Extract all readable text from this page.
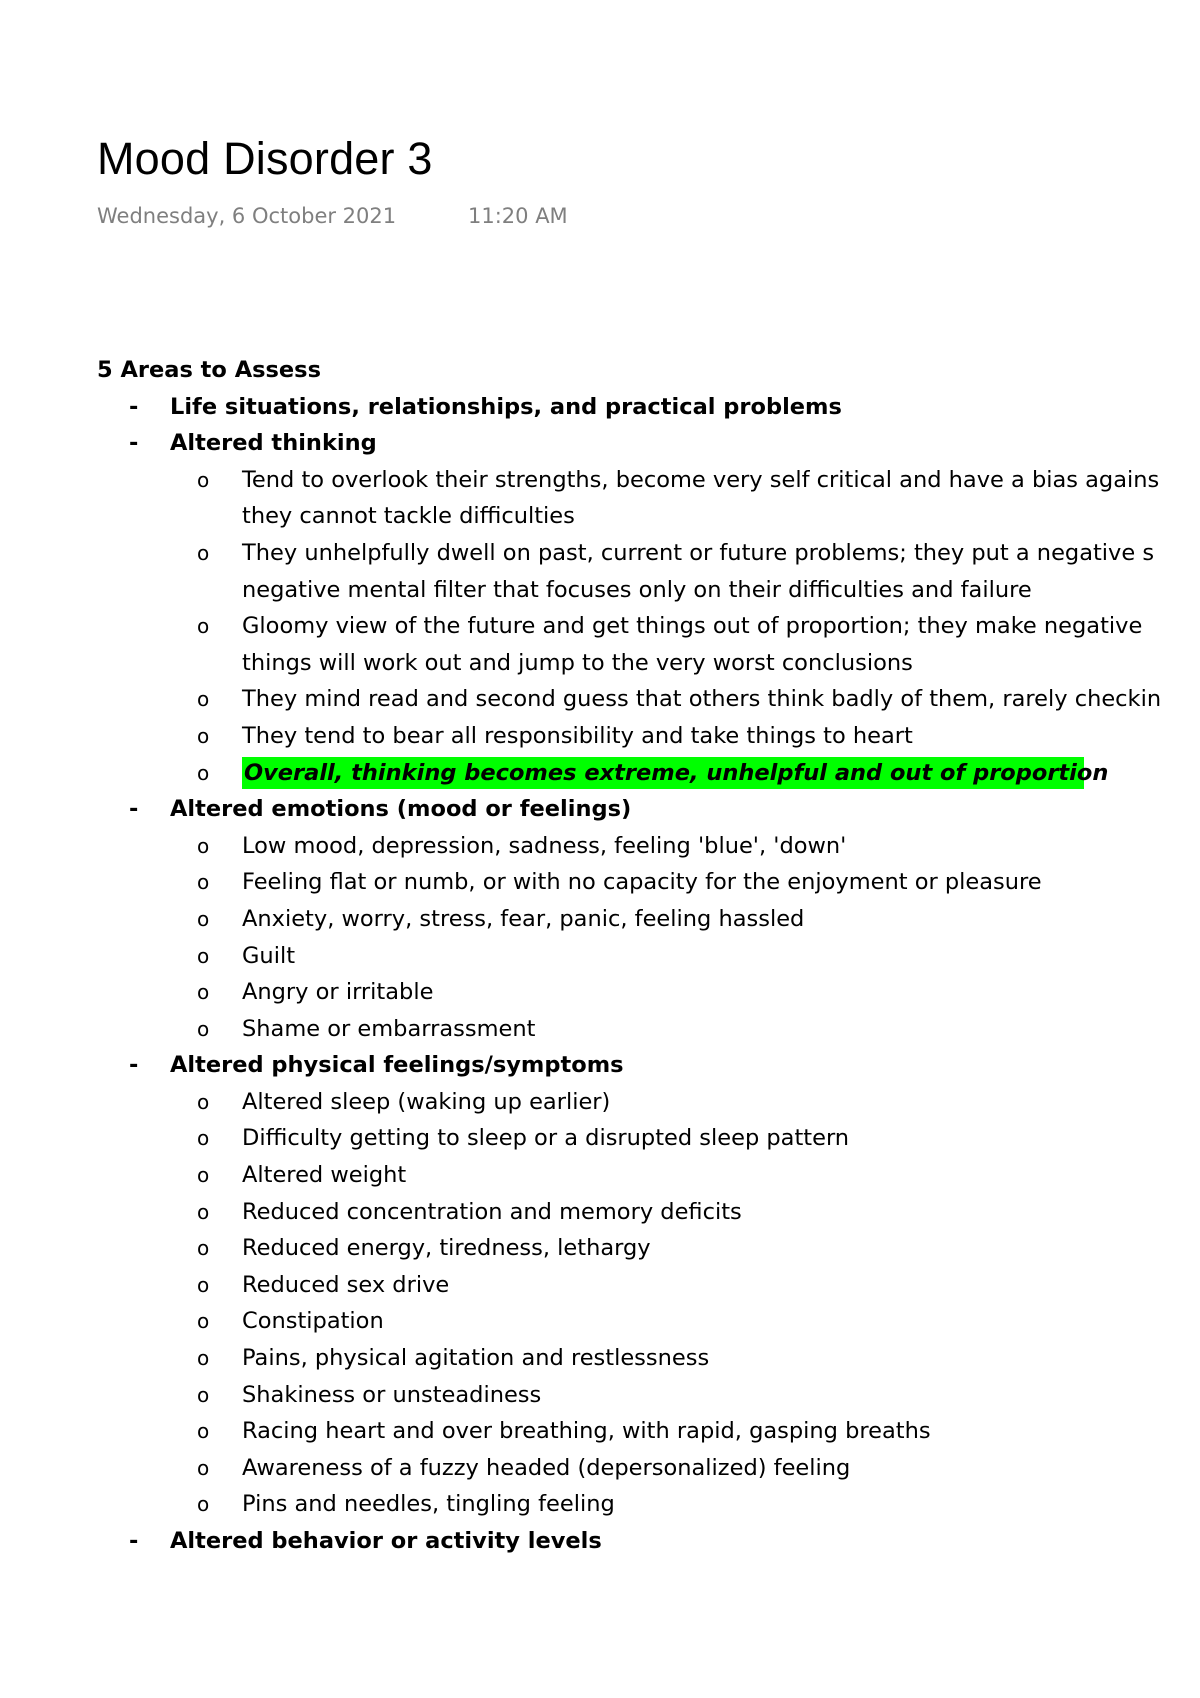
Mood Disorder 3
Wednesday, 6 October 2021	11:20 AM
5 Areas to Assess
- Life situations, relationships, and practical problems
- Altered thinking
o Tend to overlook their strengths, become very self critical and have a bias agains
they cannot tackle difficulties
o They unhelpfully dwell on past, current or future problems; they put a negative s
negative mental filter that focuses only on their difficulties and failure
o Gloomy view of the future and get things out of proportion; they make negative
things will work out and jump to the very worst conclusions
o They mind read and second guess that others think badly of them, rarely checkin
o They tend to bear all responsibility and take things to heart
o Overall, thinking becomes extreme, unhelpful and out of proportion
- Altered emotions (mood or feelings)
o Low mood, depression, sadness, feeling 'blue', 'down'
o Feeling flat or numb, or with no capacity for the enjoyment or pleasure
o Anxiety, worry, stress, fear, panic, feeling hassled
o Guilt
o Angry or irritable
o Shame or embarrassment
- Altered physical feelings/symptoms
o Altered sleep (waking up earlier)
o Difficulty getting to sleep or a disrupted sleep pattern
o Altered weight
o Reduced concentration and memory deficits
o Reduced energy, tiredness, lethargy
o Reduced sex drive
o Constipation
o Pains, physical agitation and restlessness
o Shakiness or unsteadiness
o Racing heart and over breathing, with rapid, gasping breaths
o Awareness of a fuzzy headed (depersonalized) feeling
o Pins and needles, tingling feeling
- Altered behavior or activity levels
